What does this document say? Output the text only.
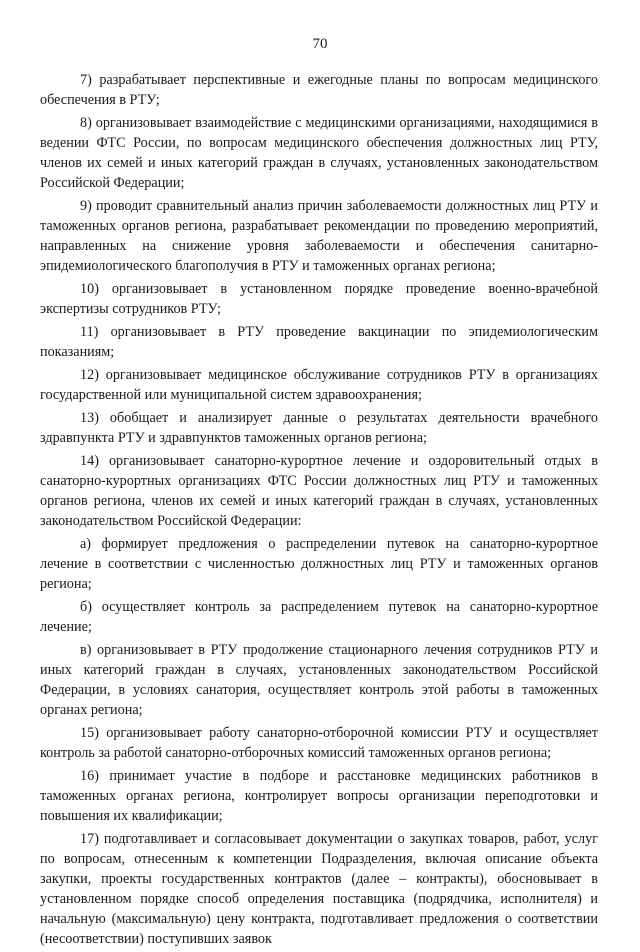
70

7) разрабатывает перспективные и ежегодные планы по вопросам медицинского обеспечения в РТУ;

8) организовывает взаимодействие с медицинскими организациями, находящимися в ведении ФТС России, по вопросам медицинского обеспечения должностных лиц РТУ, членов их семей и иных категорий граждан в случаях, установленных законодательством Российской Федерации;

9) проводит сравнительный анализ причин заболеваемости должностных лиц РТУ и таможенных органов региона, разрабатывает рекомендации по проведению мероприятий, направленных на снижение уровня заболеваемости и обеспечения санитарно-эпидемиологического благополучия в РТУ и таможенных органах региона;

10) организовывает в установленном порядке проведение военно-врачебной экспертизы сотрудников РТУ;

11) организовывает в РТУ проведение вакцинации по эпидемиологическим показаниям;

12) организовывает медицинское обслуживание сотрудников РТУ в организациях государственной или муниципальной систем здравоохранения;

13) обобщает и анализирует данные о результатах деятельности врачебного здравпункта РТУ и здравпунктов таможенных органов региона;

14) организовывает санаторно-курортное лечение и оздоровительный отдых в санаторно-курортных организациях ФТС России должностных лиц РТУ и таможенных органов региона, членов их семей и иных категорий граждан в случаях, установленных законодательством Российской Федерации:

а) формирует предложения о распределении путевок на санаторно-курортное лечение в соответствии с численностью должностных лиц РТУ и таможенных органов региона;

б) осуществляет контроль за распределением путевок на санаторно-курортное лечение;

в) организовывает в РТУ продолжение стационарного лечения сотрудников РТУ и иных категорий граждан в случаях, установленных законодательством Российской Федерации, в условиях санатория, осуществляет контроль этой работы в таможенных органах региона;

15) организовывает работу санаторно-отборочной комиссии РТУ и осуществляет контроль за работой санаторно-отборочных комиссий таможенных органов региона;

16) принимает участие в подборе и расстановке медицинских работников в таможенных органах региона, контролирует вопросы организации переподготовки и повышения их квалификации;

17) подготавливает и согласовывает документации о закупках товаров, работ, услуг по вопросам, отнесенным к компетенции Подразделения, включая описание объекта закупки, проекты государственных контрактов (далее – контракты), обосновывает в установленном порядке способ определения поставщика (подрядчика, исполнителя) и начальную (максимальную) цену контракта, подготавливает предложения о соответствии (несоответствии) поступивших заявок
